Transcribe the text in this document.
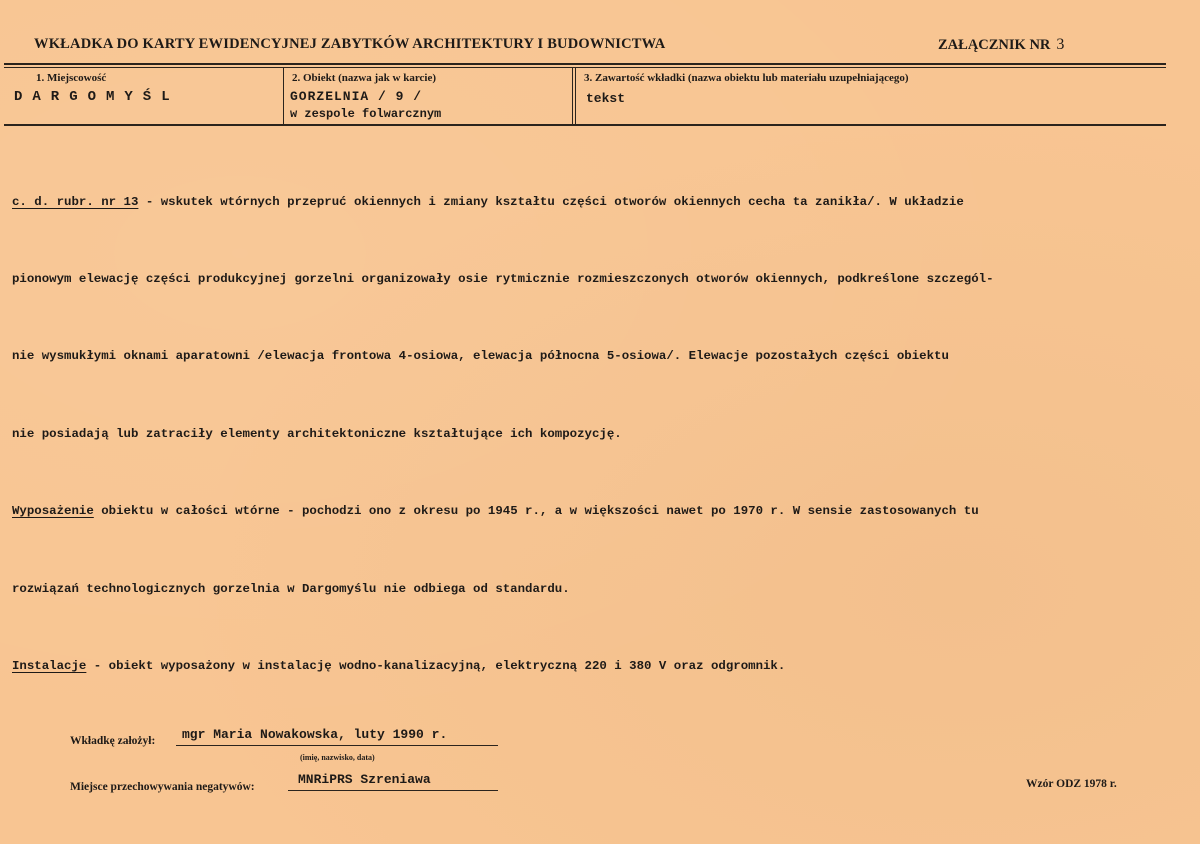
WKŁADKA DO KARTY EWIDENCYJNEJ ZABYTKÓW ARCHITEKTURY I BUDOWNICTWA	ZAŁĄCZNIK NR 3
1. Miejscowość
DARGOMYŚL
2. Obiekt (nazwa jak w karcie)
GORZELNIA / 9 /
w zespole folwarcznym
3. Zawartość wkładki (nazwa obiektu lub materiału uzupełniającego)
tekst

c. d. rubr. nr 13 - wskutek wtórnych przepruć okiennych i zmiany kształtu części otworów okiennych cecha ta zanikła/. W układzie

pionowym elewację części produkcyjnej gorzelni organizowały osie rytmicznie rozmieszczonych otworów okiennych, podkreślone szczegól-

nie wysmukłymi oknami aparatowni /elewacja frontowa 4-osiowa, elewacja północna 5-osiowa/. Elewacje pozostałych części obiektu

nie posiadają lub zatraciły elementy architektoniczne kształtujące ich kompozycję.

Wyposażenie obiektu w całości wtórne - pochodzi ono z okresu po 1945 r., a w większości nawet po 1970 r. W sensie zastosowanych tu

rozwiązań technologicznych gorzelnia w Dargomyślu nie odbiega od standardu.

Instalacje - obiekt wyposażony w instalację wodno-kanalizacyjną, elektryczną 220 i 380 V oraz odgromnik.

Wkładkę założył: mgr Maria Nowakowska, luty 1990 r.
(imię, nazwisko, data)
Miejsce przechowywania negatywów:	MNRiPRS Szreniawa	Wzór ODZ 1978 r.
